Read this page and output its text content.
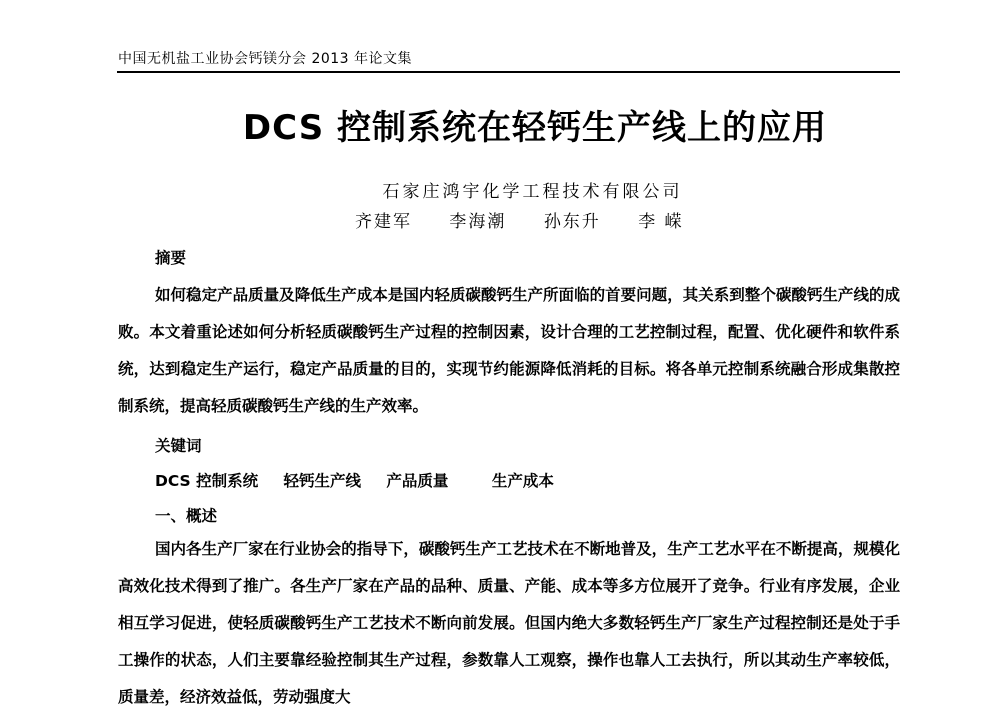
中国无机盐工业协会钙镁分会 2013 年论文集
DCS 控制系统在轻钙生产线上的应用
石家庄鸿宇化学工程技术有限公司
齐建军 李海潮 孙东升 李 嵘
摘要
如何稳定产品质量及降低生产成本是国内轻质碳酸钙生产所面临的首要问题，其关系到整个碳酸钙生产线的成败。本文着重论述如何分析轻质碳酸钙生产过程的控制因素，设计合理的工艺控制过程，配置、优化硬件和软件系统，达到稳定生产运行，稳定产品质量的目的，实现节约能源降低消耗的目标。将各单元控制系统融合形成集散控制系统，提高轻质碳酸钙生产线的生产效率。
关键词
DCS 控制系统 轻钙生产线 产品质量	生产成本
一、概述
国内各生产厂家在行业协会的指导下，碳酸钙生产工艺技术在不断地普及，生产工艺水平在不断提高，规模化高效化技术得到了推广。各生产厂家在产品的品种、质量、产能、成本等多方位展开了竞争。行业有序发展，企业相互学习促进，使轻质碳酸钙生产工艺技术不断向前发展。但国内绝大多数轻钙生产厂家生产过程控制还是处于手工操作的状态，人们主要靠经验控制其生产过程，参数靠人工观察，操作也靠人工去执行，所以其动生产率较低，质量差，经济效益低，劳动强度大
